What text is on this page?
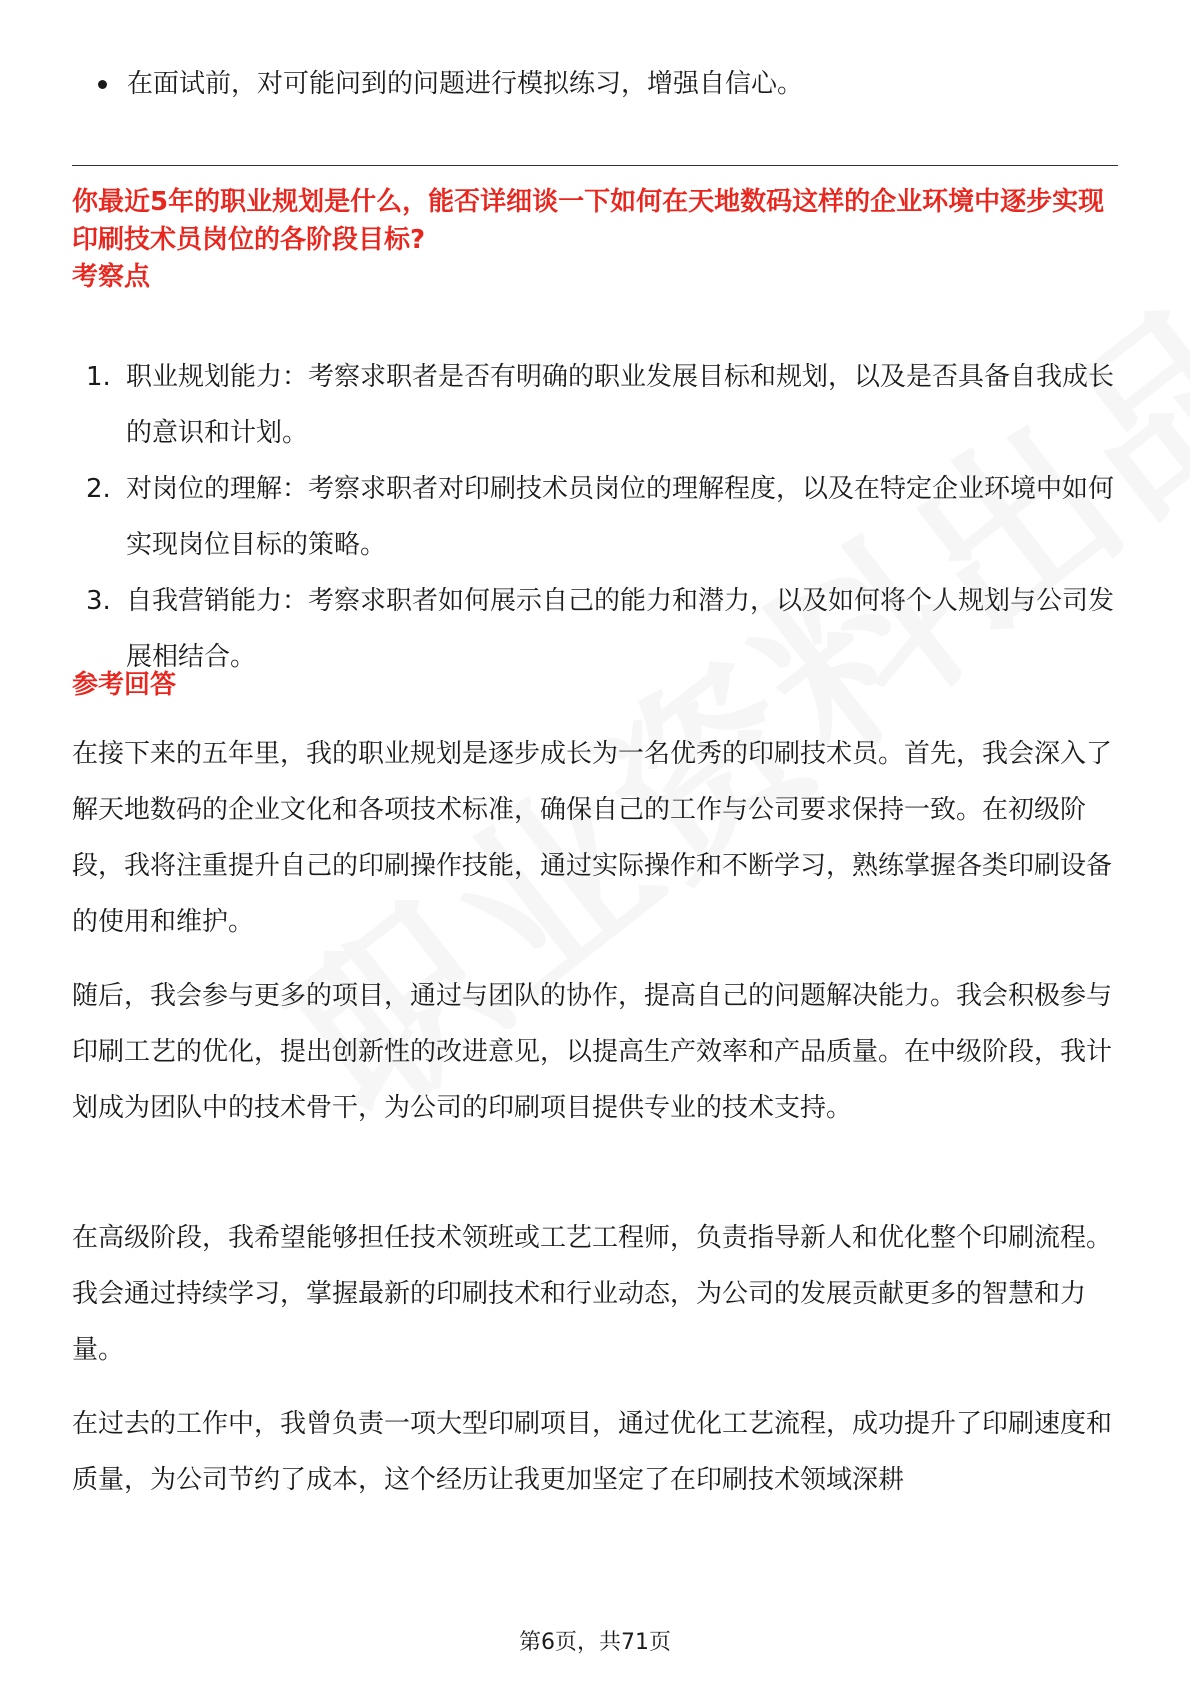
在面试前，对可能问到的问题进行模拟练习，增强自信心。
你最近5年的职业规划是什么，能否详细谈一下如何在天地数码这样的企业环境中逐步实现印刷技术员岗位的各阶段目标?
考察点
1. 职业规划能力：考察求职者是否有明确的职业发展目标和规划，以及是否具备自我成长的意识和计划。
2. 对岗位的理解：考察求职者对印刷技术员岗位的理解程度，以及在特定企业环境中如何实现岗位目标的策略。
3. 自我营销能力：考察求职者如何展示自己的能力和潜力，以及如何将个人规划与公司发展相结合。
参考回答

在接下来的五年里，我的职业规划是逐步成长为一名优秀的印刷技术员。首先，我会深入了解天地数码的企业文化和各项技术标准，确保自己的工作与公司要求保持一致。在初级阶段，我将注重提升自己的印刷操作技能，通过实际操作和不断学习，熟练掌握各类印刷设备的使用和维护。

随后，我会参与更多的项目，通过与团队的协作，提高自己的问题解决能力。我会积极参与印刷工艺的优化，提出创新性的改进意见，以提高生产效率和产品质量。在中级阶段，我计划成为团队中的技术骨干，为公司的印刷项目提供专业的技术支持。

在高级阶段，我希望能够担任技术领班或工艺工程师，负责指导新人和优化整个印刷流程。我会通过持续学习，掌握最新的印刷技术和行业动态，为公司的发展贡献更多的智慧和力量。

在过去的工作中，我曾负责一项大型印刷项目，通过优化工艺流程，成功提升了印刷速度和质量，为公司节约了成本，这个经历让我更加坚定了在印刷技术领域深耕

第6页，共71页
